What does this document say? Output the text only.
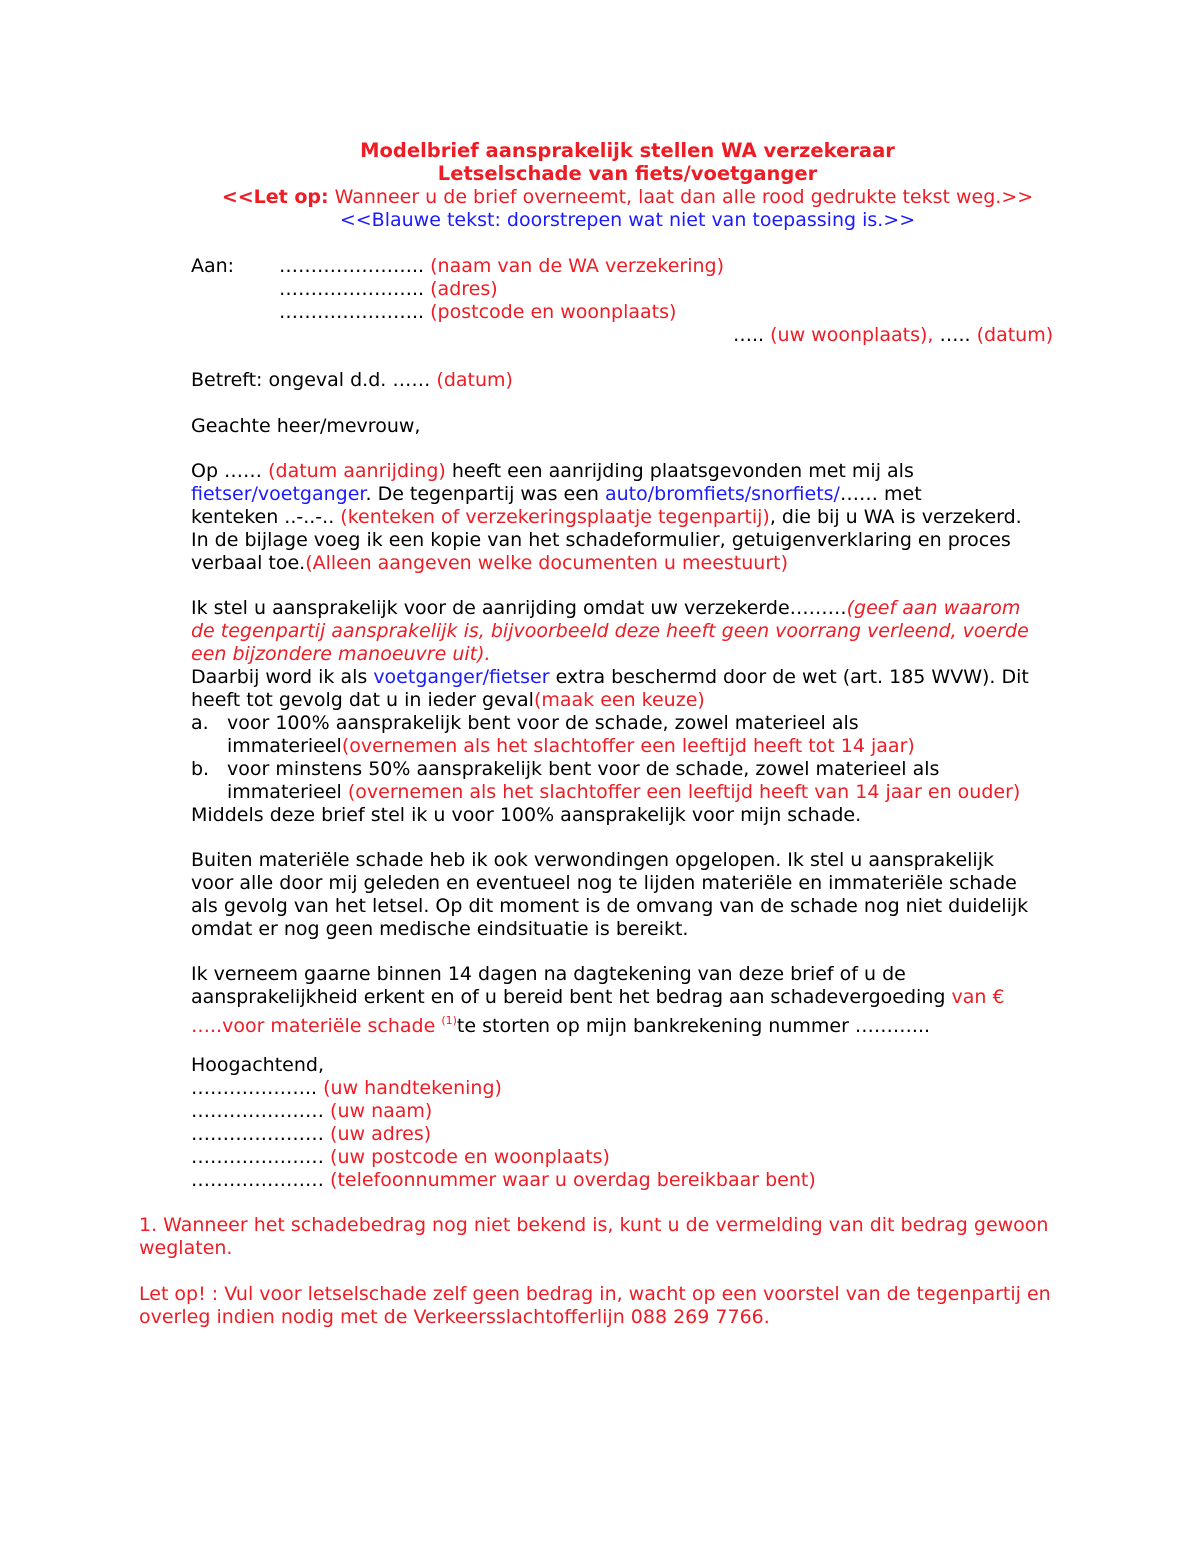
Modelbrief aansprakelijk stellen WA verzekeraar
Letselschade van fiets/voetganger
<<Let op: Wanneer u de brief overneemt, laat dan alle rood gedrukte tekst weg.>>
<<Blauwe tekst: doorstrepen wat niet van toepassing is.>>
Aan: ………………….. (naam van de WA verzekering)
………………….. (adres)
………………….. (postcode en woonplaats)
….. (uw woonplaats), ….. (datum)
Betreft: ongeval d.d. …… (datum)
Geachte heer/mevrouw,
Op …… (datum aanrijding) heeft een aanrijding plaatsgevonden met mij als
fietser/voetganger. De tegenpartij was een auto/bromfiets/snorfiets/…… met
kenteken ..-..-.. (kenteken of verzekeringsplaatje tegenpartij), die bij u WA is verzekerd.
In de bijlage voeg ik een kopie van het schadeformulier, getuigenverklaring en proces
verbaal toe.(Alleen aangeven welke documenten u meestuurt)
Ik stel u aansprakelijk voor de aanrijding omdat uw verzekerde………(geef aan waarom
de tegenpartij aansprakelijk is, bijvoorbeeld deze heeft geen voorrang verleend, voerde
een bijzondere manoeuvre uit).
Daarbij word ik als voetganger/fietser extra beschermd door de wet (art. 185 WVW). Dit
heeft tot gevolg dat u in ieder geval(maak een keuze)
a. voor 100% aansprakelijk bent voor de schade, zowel materieel als
immaterieel(overnemen als het slachtoffer een leeftijd heeft tot 14 jaar)
b. voor minstens 50% aansprakelijk bent voor de schade, zowel materieel als
immaterieel (overnemen als het slachtoffer een leeftijd heeft van 14 jaar en ouder)
Middels deze brief stel ik u voor 100% aansprakelijk voor mijn schade.
Buiten materiële schade heb ik ook verwondingen opgelopen. Ik stel u aansprakelijk
voor alle door mij geleden en eventueel nog te lijden materiële en immateriële schade
als gevolg van het letsel. Op dit moment is de omvang van de schade nog niet duidelijk
omdat er nog geen medische eindsituatie is bereikt.
Ik verneem gaarne binnen 14 dagen na dagtekening van deze brief of u de
aansprakelijkheid erkent en of u bereid bent het bedrag aan schadevergoeding van €
…..voor materiële schade $^{(1)}$te storten op mijn bankrekening nummer ………...
Hoogachtend,
……………….. (uw handtekening)
………………… (uw naam)
………………… (uw adres)
………………… (uw postcode en woonplaats)
………………… (telefoonnummer waar u overdag bereikbaar bent)
1. Wanneer het schadebedrag nog niet bekend is, kunt u de vermelding van dit bedrag gewoon
weglaten.
Let op! : Vul voor letselschade zelf geen bedrag in, wacht op een voorstel van de tegenpartij en
overleg indien nodig met de Verkeersslachtofferlijn 088 269 7766.
